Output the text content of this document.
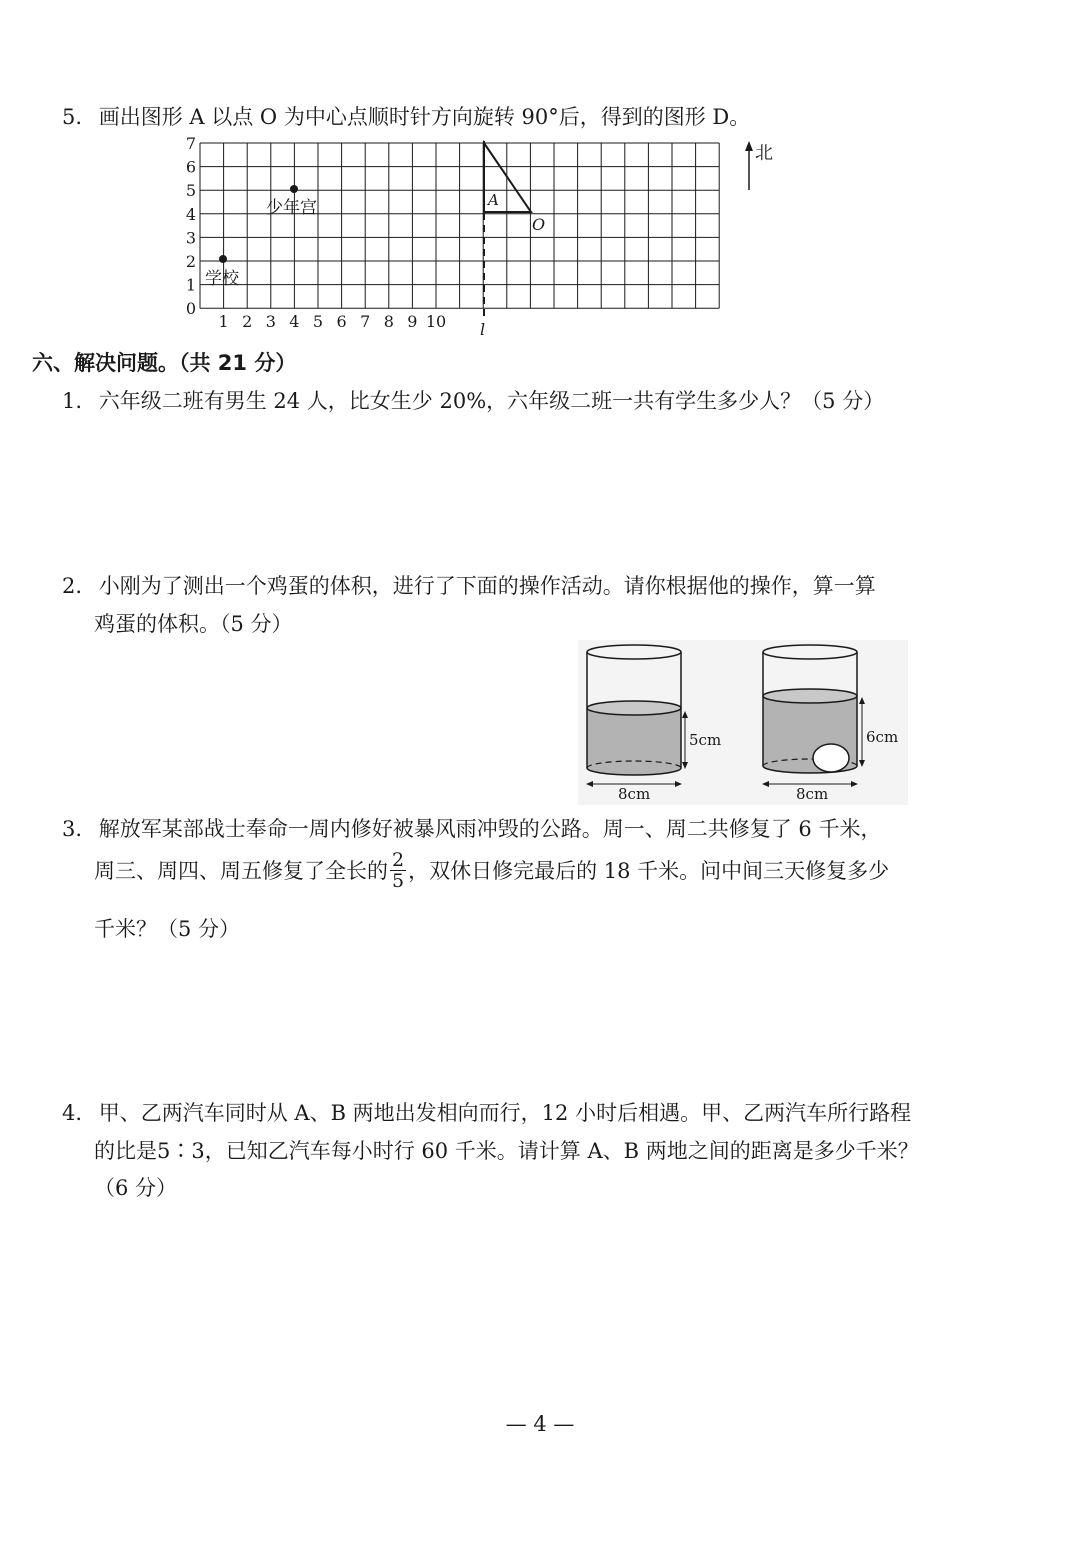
5. 画出图形 A 以点 O 为中心点顺时针方向旋转 90°后，得到的图形 D。
1 2 3 4 5 6 7 8 9 10
0
1
2
3
4
5
6
7
l
A
O
学校
少年宫
北
六、解决问题。（共 21 分）
1. 六年级二班有男生 24 人，比女生少 20%，六年级二班一共有学生多少人？（5 分）
2. 小刚为了测出一个鸡蛋的体积，进行了下面的操作活动。请你根据他的操作，算一算
鸡蛋的体积。（5 分）
5cm
8cm
6cm
8cm
3. 解放军某部战士奉命一周内修好被暴风雨冲毁的公路。周一、周二共修复了 6 千米，
周三、周四、周五修复了全长的 $\frac{2}{5}$ ，双休日修完最后的 18 千米。问中间三天修复多少
千米？（5 分）
4. 甲、乙两汽车同时从 A、B 两地出发相向而行，12 小时后相遇。甲、乙两汽车所行路程
的比是5∶3，已知乙汽车每小时行 60 千米。请计算 A、B 两地之间的距离是多少千米？
（6 分）
— 4 —
